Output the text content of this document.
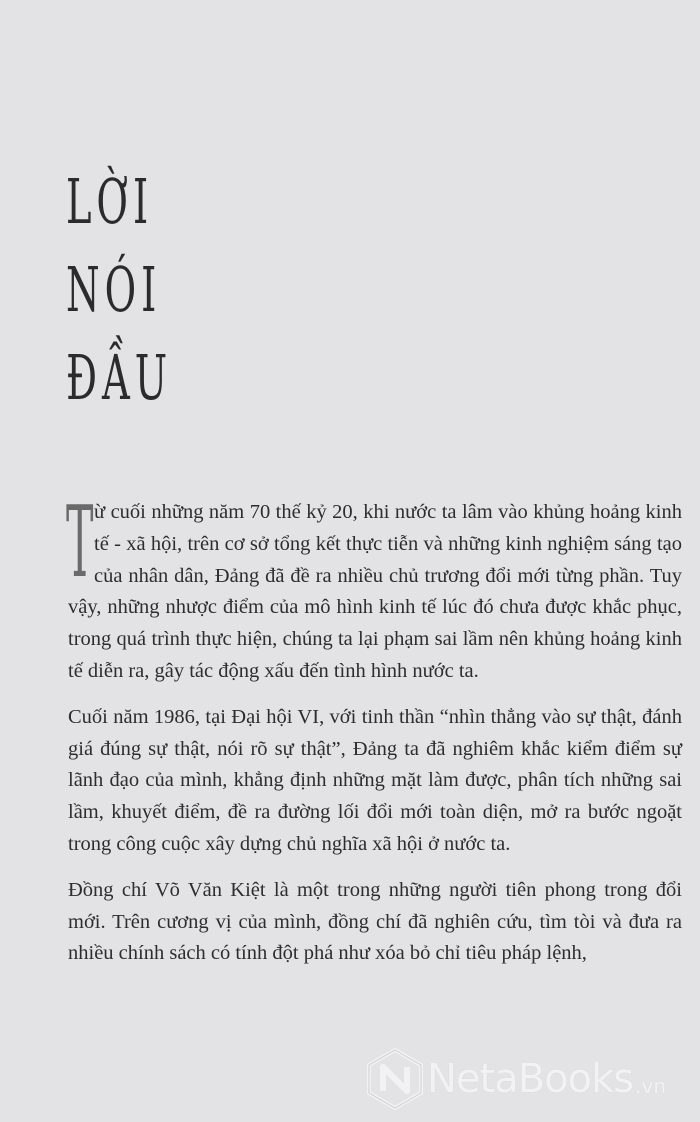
LỜI
NÓI
ĐẦU

Từ cuối những năm 70 thế kỷ 20, khi nước ta lâm vào khủng hoảng kinh tế - xã hội, trên cơ sở tổng kết thực tiễn và những kinh nghiệm sáng tạo của nhân dân, Đảng đã đề ra nhiều chủ trương đổi mới từng phần. Tuy vậy, những nhược điểm của mô hình kinh tế lúc đó chưa được khắc phục, trong quá trình thực hiện, chúng ta lại phạm sai lầm nên khủng hoảng kinh tế diễn ra, gây tác động xấu đến tình hình nước ta.

Cuối năm 1986, tại Đại hội VI, với tinh thần “nhìn thẳng vào sự thật, đánh giá đúng sự thật, nói rõ sự thật”, Đảng ta đã nghiêm khắc kiểm điểm sự lãnh đạo của mình, khẳng định những mặt làm được, phân tích những sai lầm, khuyết điểm, đề ra đường lối đổi mới toàn diện, mở ra bước ngoặt trong công cuộc xây dựng chủ nghĩa xã hội ở nước ta.

Đồng chí Võ Văn Kiệt là một trong những người tiên phong trong đổi mới. Trên cương vị của mình, đồng chí đã nghiên cứu, tìm tòi và đưa ra nhiều chính sách có tính đột phá như xóa bỏ chỉ tiêu pháp lệnh,

NetaBooks .vn
